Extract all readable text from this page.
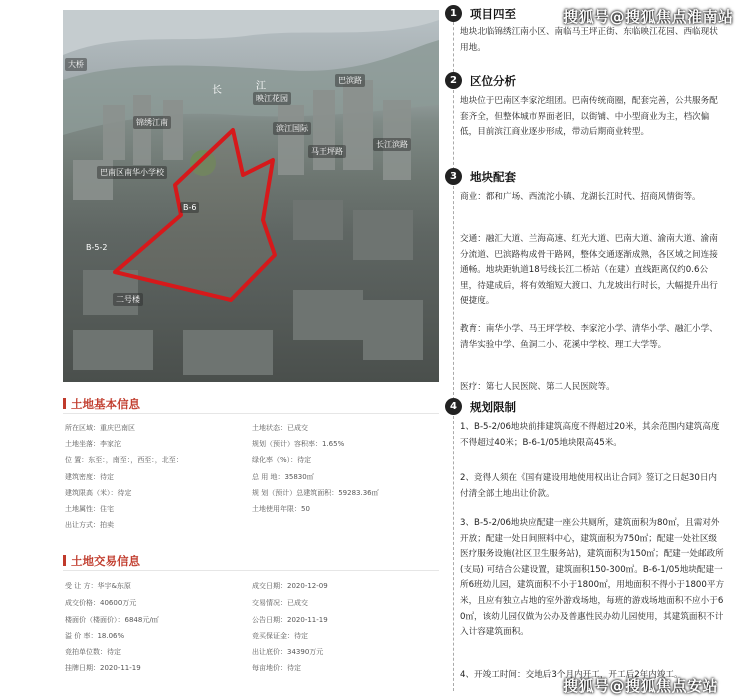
大桥
长	江
映江花园
巴滨路
锦绣江南
滨江国际
巴南区南华小学校
B-6
马王坪路
长江滨路
二号楼
B-5-2
土地基本信息
所在区域：重庆巴南区
土地坐落：李家沱
位 置：东至：，南至：，西至：，北至：
建筑密度：待定
建筑限高（米）：待定
土地属性：住宅
出让方式：拍卖
土地状态：已成交
规划（预计）容积率：1.65%
绿化率（%）：待定
总 用 地：35830㎡
规 划（预计）总建筑面积：59283.36㎡
土地使用年限：50
土地交易信息
受 让 方：华宇&东原
成交价格：40600万元
楼面价（楼面价）：6848元/㎡
溢 价 率：18.06%
竞拍单位数：待定
挂牌日期：2020-11-19
成交日期：2020-12-09
交易情况：已成交
公告日期：2020-11-19
竞买保证金：待定
出让底价：34390万元
每亩地价：待定
1	项目四至
地块北临锦绣江南小区、南临马王坪正街、东临映江花园、西临现状用地。
2	区位分析
地块位于巴南区李家沱组团。巴南传统商圈，配套完善，公共服务配套齐全，但整体城市界面老旧，以街铺、中小型商业为主，档次偏低，目前滨江商业逐步形成，带动后期商业转型。
3	地块配套
商业：都和广场、西流沱小镇、龙湖长江时代、招商风情街等。
交通：融汇大道、兰海高速、红光大道、巴南大道、渝南大道、渝南分流道、巴滨路构成骨干路网，整体交通逐渐成熟，各区域之间连接通畅。地块距轨道18号线长江二桥站（在建）直线距离仅约0.6公里，待建成后，将有效缩短大渡口、九龙坡出行时长，大幅提升出行便捷度。
教育：南华小学、马王坪学校、李家沱小学、清华小学、融汇小学、清华实验中学、鱼洞二小、花溪中学校、理工大学等。
医疗：第七人民医院、第二人民医院等。
4	规划限制
1、B-5-2/06地块前排建筑高度不得超过20米，其余范围内建筑高度不得超过40米；B-6-1/05地块限高45米。
2、竞得人须在《国有建设用地使用权出让合同》签订之日起30日内付清全部土地出让价款。
3、B-5-2/06地块应配建一座公共厕所，建筑面积为80㎡，且需对外开放；配建一处日间照料中心，建筑面积为750㎡；配建一处社区级医疗服务设施(社区卫生服务站)，建筑面积为150㎡；配建一处邮政所(支局) 可结合公建设置，建筑面积150-300㎡。B-6-1/05地块配建一所6班幼儿园，建筑面积不小于1800㎡，用地面积不得小于1800平方米，且应有独立占地的室外游戏场地，每班的游戏场地面积不应小于60㎡，该幼儿园仅做为公办及普惠性民办幼儿园使用，其建筑面积不计入计容建筑面积。
4、开竣工时间：交地后3个月内开工，开工后2年内竣工。
搜狐号@搜狐焦点淮南站
搜狐号@搜狐焦点安站
